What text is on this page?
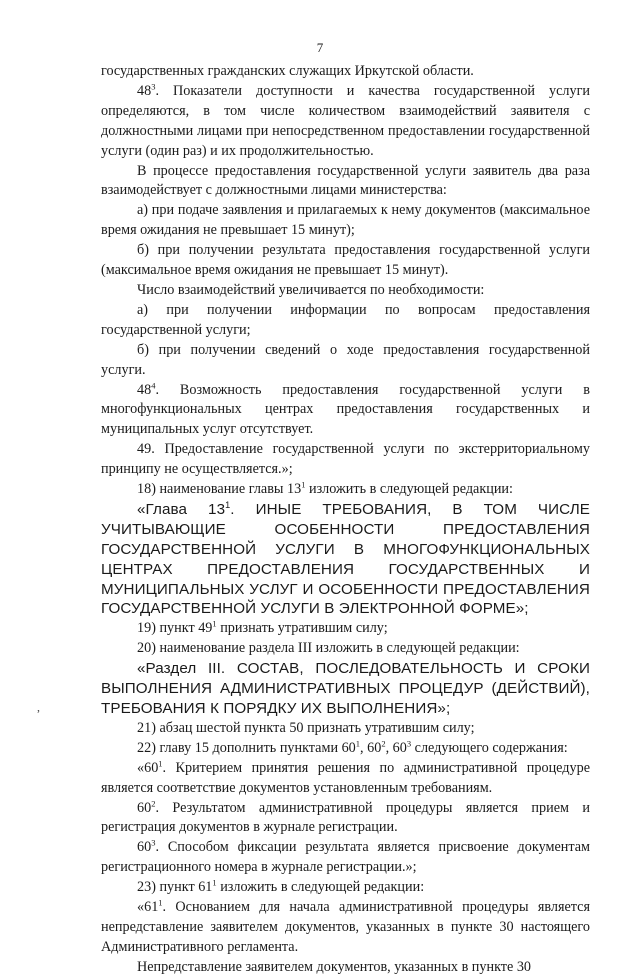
7

государственных гражданских служащих Иркутской области.

$48^3$. Показатели доступности и качества государственной услуги определяются, в том числе количеством взаимодействий заявителя с должностными лицами при непосредственном предоставлении государственной услуги (один раз) и их продолжительностью.

В процессе предоставления государственной услуги заявитель два раза взаимодействует с должностными лицами министерства:

а) при подаче заявления и прилагаемых к нему документов (максимальное время ожидания не превышает 15 минут);

б) при получении результата предоставления государственной услуги (максимальное время ожидания не превышает 15 минут).

Число взаимодействий увеличивается по необходимости:

а) при получении информации по вопросам предоставления государственной услуги;

б) при получении сведений о ходе предоставления государственной услуги.

$48^4$. Возможность предоставления государственной услуги в многофункциональных центрах предоставления государственных и муниципальных услуг отсутствует.

49. Предоставление государственной услуги по экстерриториальному принципу не осуществляется.»;

18) наименование главы $13^1$ изложить в следующей редакции:

«Глава $13^1$. ИНЫЕ ТРЕБОВАНИЯ, В ТОМ ЧИСЛЕ УЧИТЫВАЮЩИЕ ОСОБЕННОСТИ ПРЕДОСТАВЛЕНИЯ ГОСУДАРСТВЕННОЙ УСЛУГИ В МНОГОФУНКЦИОНАЛЬНЫХ ЦЕНТРАХ ПРЕДОСТАВЛЕНИЯ ГОСУДАРСТВЕННЫХ И МУНИЦИПАЛЬНЫХ УСЛУГ И ОСОБЕННОСТИ ПРЕДОСТАВЛЕНИЯ ГОСУДАРСТВЕННОЙ УСЛУГИ В ЭЛЕКТРОННОЙ ФОРМЕ»;

19) пункт $49^1$ признать утратившим силу;

20) наименование раздела III изложить в следующей редакции:

«Раздел III. СОСТАВ, ПОСЛЕДОВАТЕЛЬНОСТЬ И СРОКИ ВЫПОЛНЕНИЯ АДМИНИСТРАТИВНЫХ ПРОЦЕДУР (ДЕЙСТВИЙ), ТРЕБОВАНИЯ К ПОРЯДКУ ИХ ВЫПОЛНЕНИЯ»;

21) абзац шестой пункта 50 признать утратившим силу;

22) главу 15 дополнить пунктами $60^1$, $60^2$, $60^3$ следующего содержания:

«$60^1$. Критерием принятия решения по административной процедуре является соответствие документов установленным требованиям.

$60^2$. Результатом административной процедуры является прием и регистрация документов в журнале регистрации.

$60^3$. Способом фиксации результата является присвоение документам регистрационного номера в журнале регистрации.»;

23) пункт $61^1$ изложить в следующей редакции:

«$61^1$. Основанием для начала административной процедуры является непредставление заявителем документов, указанных в пункте 30 настоящего Административного регламента.

Непредставление заявителем документов, указанных в пункте 30

,
